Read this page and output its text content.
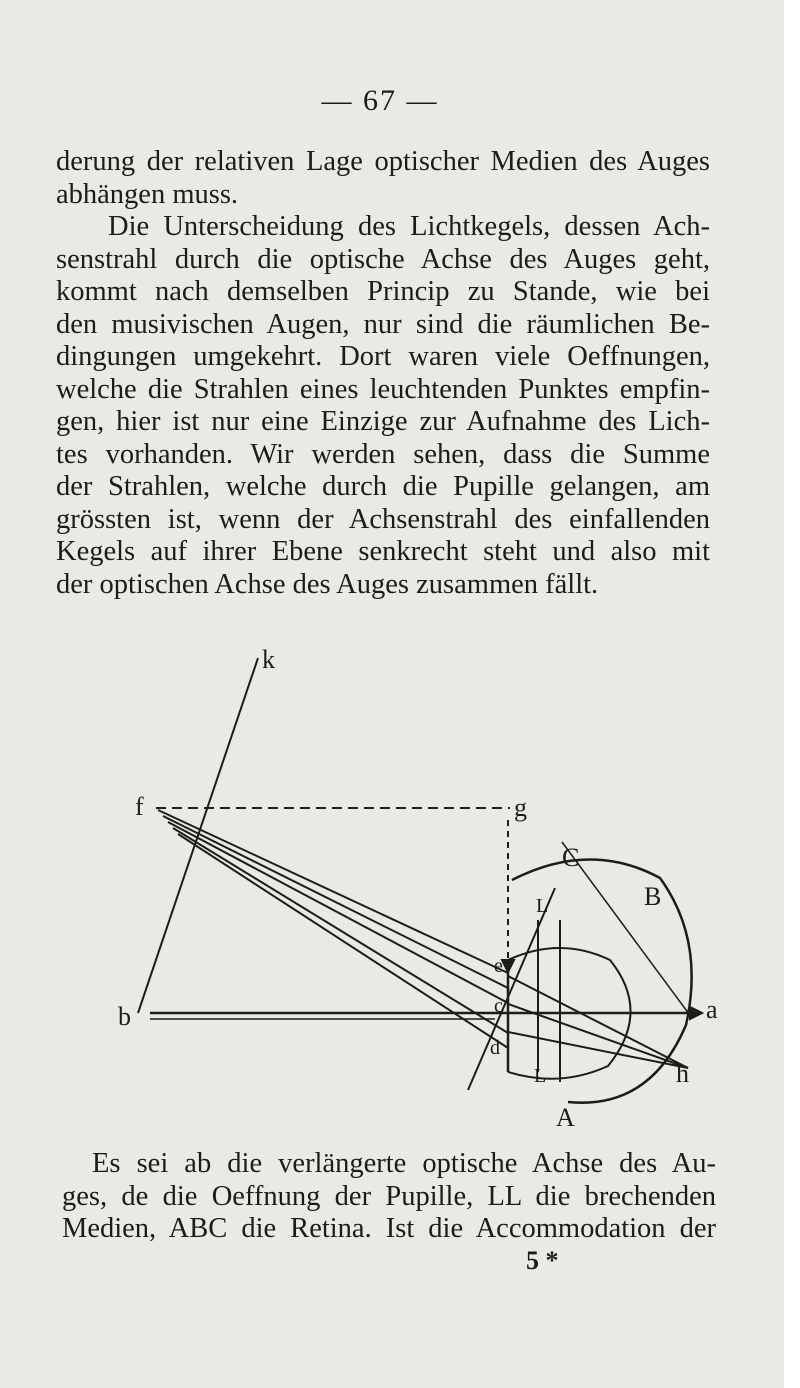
— 67 —
derung der relativen Lage optischer Medien des Auges
abhängen muss.
Die Unterscheidung des Lichtkegels, dessen Ach-
senstrahl durch die optische Achse des Auges geht,
kommt nach demselben Princip zu Stande, wie bei
den musivischen Augen, nur sind die räumlichen Be-
dingungen umgekehrt. Dort waren viele Oeffnungen,
welche die Strahlen eines leuchtenden Punktes empfin-
gen, hier ist nur eine Einzige zur Aufnahme des Lich-
tes vorhanden. Wir werden sehen, dass die Summe
der Strahlen, welche durch die Pupille gelangen, am
grössten ist, wenn der Achsenstrahl des einfallenden
Kegels auf ihrer Ebene senkrecht steht und also mit
der optischen Achse des Auges zusammen fällt.
k
f	g
b
C
B
L
e
c	a
d
L	h
A
Es sei ab die verlängerte optische Achse des Au-
ges, de die Oeffnung der Pupille, LL die brechenden
Medien, ABC die Retina. Ist die Accommodation der
5 *
